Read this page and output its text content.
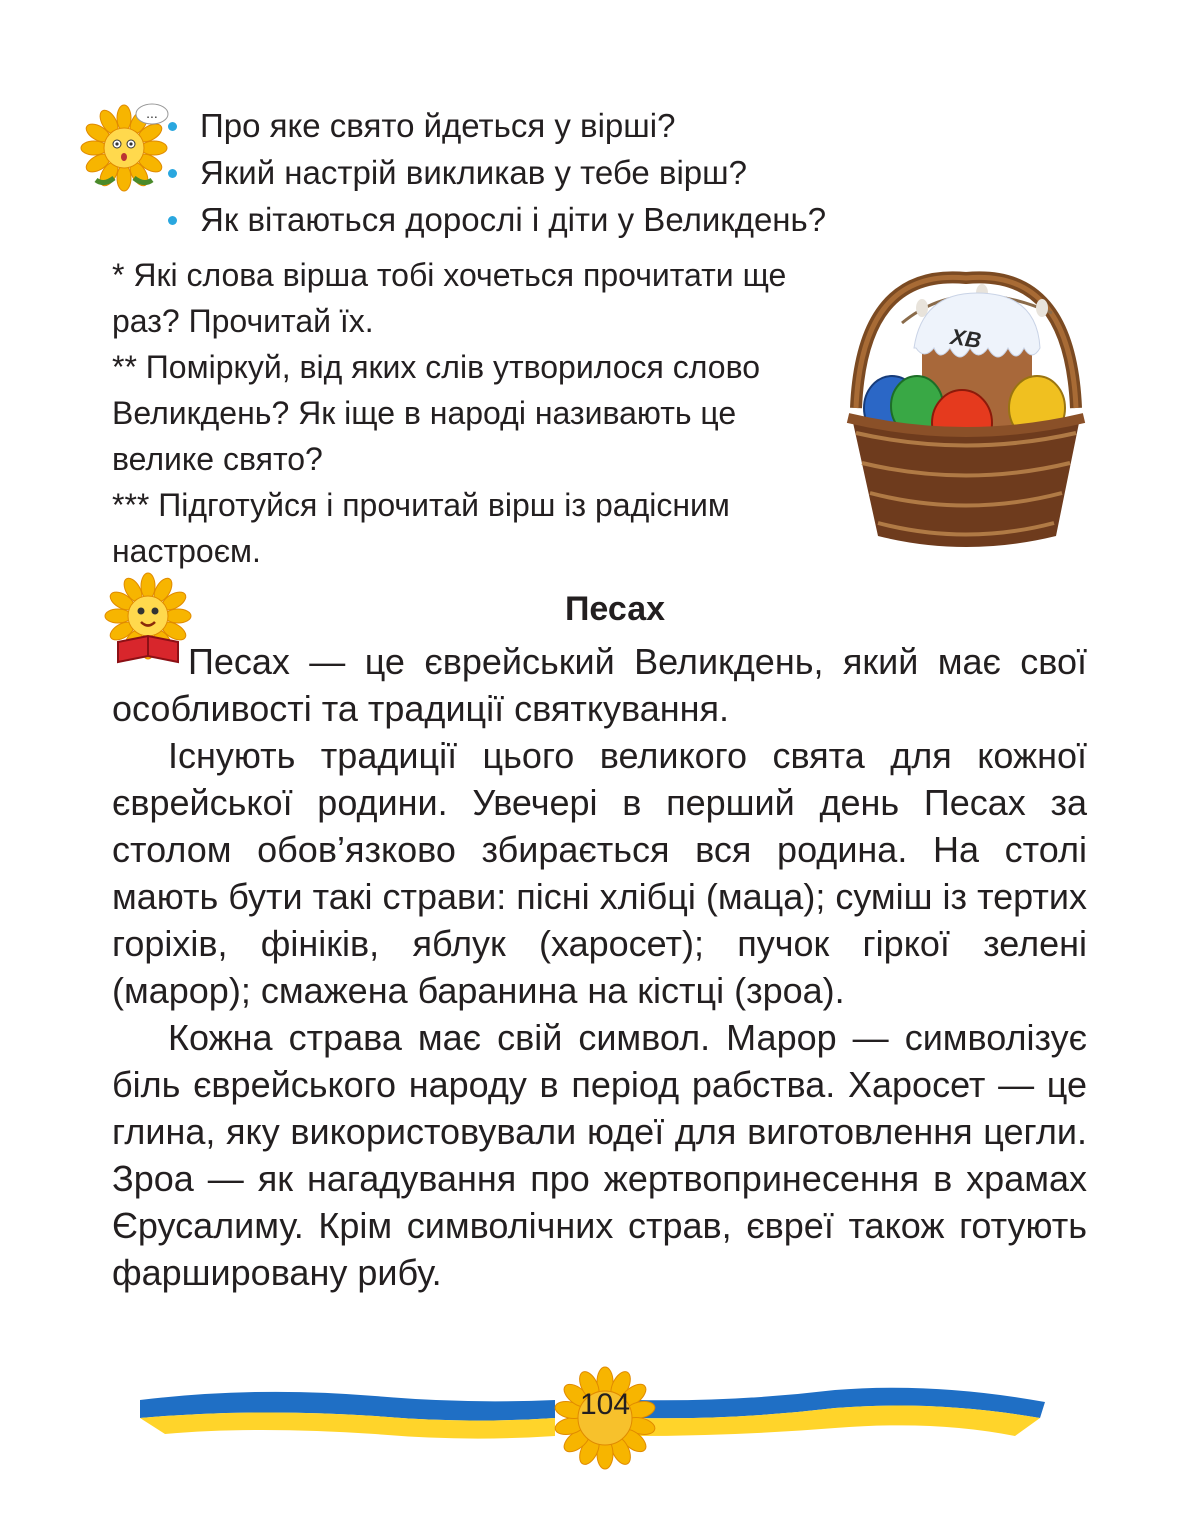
...	Про яке свято йдеться у вірші?
Який настрій викликав у тебе вірш?
Як вітаються дорослі і діти у Великдень?

* Які слова вірша тобі хочеться прочитати ще раз? Прочитай їх.

** Поміркуй, від яких слів утворилося слово Великдень? Як іще в народі називають це велике свято?

*** Підготуйся і прочитай вірш із радісним настроєм.

ХВ
Песах

Песах — це єврейський Великдень, який має свої особливості та традиції святкування.

Існують традиції цього великого свята для кожної єврейської родини. Увечері в перший день Песах за столом обов’язково збирається вся родина. На столі мають бути такі страви: пісні хлібці (маца); суміш із тертих горіхів, фініків, яблук (харосет); пучок гіркої зелені (марор); смажена баранина на кістці (зроа).

Кожна страва має свій символ. Марор — символізує біль єврейського народу в період рабства. Харосет — це глина, яку використовували юдеї для виготовлення цегли. Зроа — як нагадування про жертвопринесення в храмах Єрусалиму. Крім символічних страв, євреї також готують фаршировану рибу.

104
